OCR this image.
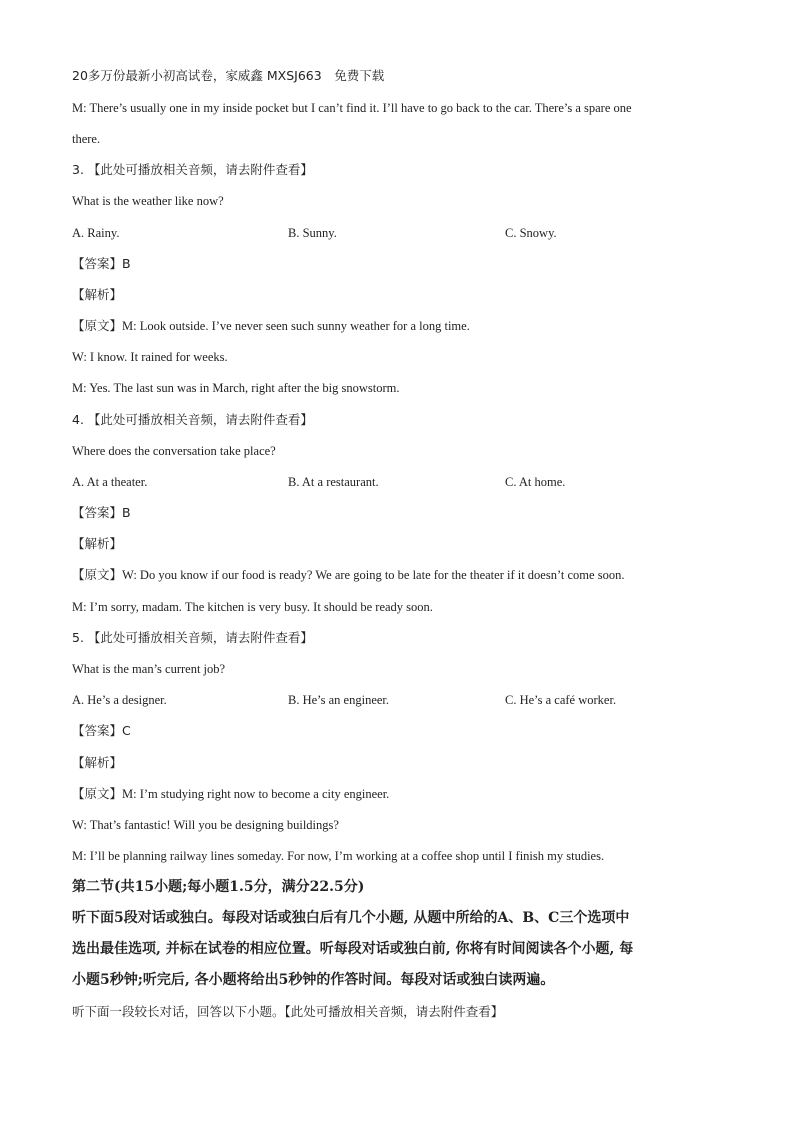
20多万份最新小初高试卷，家威鑫 MXSJ663　免费下载
M: There’s usually one in my inside pocket but I can’t find it. I’ll have to go back to the car. There’s a spare one
there.
3. 【此处可播放相关音频，请去附件查看】
What is the weather like now?
A. Rainy.	B. Sunny.	C. Snowy.
【答案】B
【解析】
【原文】M: Look outside. I’ve never seen such sunny weather for a long time.
W: I know. It rained for weeks.
M: Yes. The last sun was in March, right after the big snowstorm.
4. 【此处可播放相关音频，请去附件查看】
Where does the conversation take place?
A. At a theater.	B. At a restaurant.	C. At home.
【答案】B
【解析】
【原文】W: Do you know if our food is ready? We are going to be late for the theater if it doesn’t come soon.
M: I’m sorry, madam. The kitchen is very busy. It should be ready soon.
5. 【此处可播放相关音频，请去附件查看】
What is the man’s current job?
A. He’s a designer.	B. He’s an engineer.	C. He’s a café worker.
【答案】C
【解析】
【原文】M: I’m studying right now to become a city engineer.
W: That’s fantastic! Will you be designing buildings?
M: I’ll be planning railway lines someday. For now, I’m working at a coffee shop until I finish my studies.
第二节(共15小题;每小题1.5分，满分22.5分)
听下面5段对话或独白。每段对话或独白后有几个小题, 从题中所给的A、B、C三个选项中
选出最佳选项, 并标在试卷的相应位置。听每段对话或独白前, 你将有时间阅读各个小题, 每
小题5秒钟;听完后, 各小题将给出5秒钟的作答时间。每段对话或独白读两遍。
听下面一段较长对话，回答以下小题。【此处可播放相关音频，请去附件查看】
